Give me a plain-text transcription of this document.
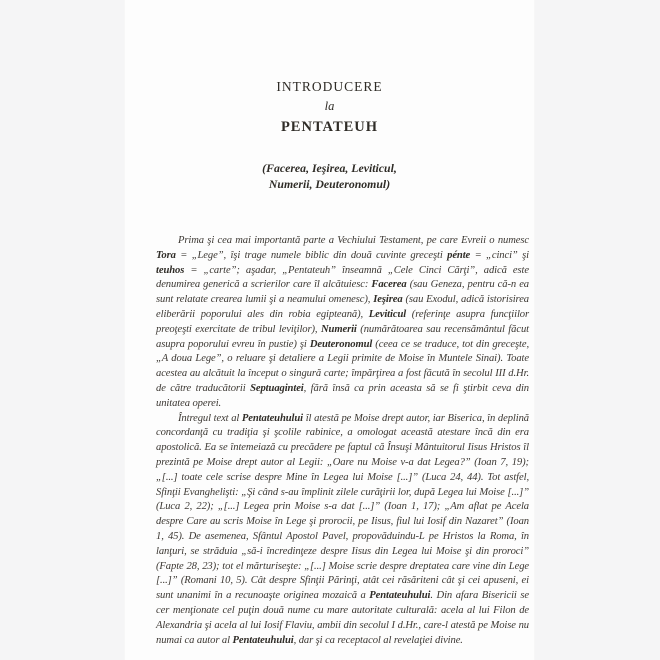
INTRODUCERE
la
PENTATEUH
(Facerea, Ieşirea, Leviticul,
Numerii, Deuteronomul)

Prima şi cea mai importantă parte a Vechiului Testament, pe care Evreii o numesc Tora = „Lege”, îşi trage numele biblic din două cuvinte greceşti pénte = „cinci” şi teuhos = „carte”; aşadar, „Pentateuh” înseamnă „Cele Cinci Cărţi”, adică este denumirea generică a scrierilor care îl alcătuiesc: Facerea (sau Geneza, pentru că-n ea sunt relatate crearea lumii şi a neamului omenesc), Ieşirea (sau Exodul, adică istorisirea eliberării poporului ales din robia egipteană), Leviticul (referinţe asupra funcţiilor preoţeşti exercitate de tribul leviţilor), Numerii (numărătoarea sau recensământul făcut asupra poporului evreu în pustie) şi Deuteronomul (ceea ce se traduce, tot din greceşte, „A doua Lege”, o reluare şi detaliere a Legii primite de Moise în Muntele Sinai). Toate acestea au alcătuit la început o singură carte; împărţirea a fost făcută în secolul III d.Hr. de către traducătorii Septuagintei, fără însă ca prin aceasta să se fi ştirbit ceva din unitatea operei.

Întregul text al Pentateuhului îl atestă pe Moise drept autor, iar Biserica, în deplină concordanţă cu tradiţia şi şcolile rabinice, a omologat această atestare încă din era apostolică. Ea se întemeiază cu precădere pe faptul că Însuşi Mântuitorul Iisus Hristos îl prezintă pe Moise drept autor al Legii: „Oare nu Moise v-a dat Legea?” (Ioan 7, 19); „[...] toate cele scrise despre Mine în Legea lui Moise [...]” (Luca 24, 44). Tot astfel, Sfinţii Evanghelişti: „Şi când s-au împlinit zilele curăţirii lor, după Legea lui Moise [...]” (Luca 2, 22); „[...] Legea prin Moise s-a dat [...]” (Ioan 1, 17); „Am aflat pe Acela despre Care au scris Moise în Lege şi prorocii, pe Iisus, fiul lui Iosif din Nazaret” (Ioan 1, 45). De asemenea, Sfântul Apostol Pavel, propovăduindu-L pe Hristos la Roma, în lanţuri, se străduia „să-i încredinţeze despre Iisus din Legea lui Moise şi din proroci” (Fapte 28, 23); tot el mărturiseşte: „[...] Moise scrie despre dreptatea care vine din Lege [...]” (Romani 10, 5). Cât despre Sfinţii Părinţi, atât cei răsăriteni cât şi cei apuseni, ei sunt unanimi în a recunoaşte originea mozaică a Pentateuhului. Din afara Bisericii se cer menţionate cel puţin două nume cu mare autoritate culturală: acela al lui Filon de Alexandria şi acela al lui Iosif Flaviu, ambii din secolul I d.Hr., care-l atestă pe Moise nu numai ca autor al Pentateuhului, dar şi ca receptacol al revelaţiei divine.
